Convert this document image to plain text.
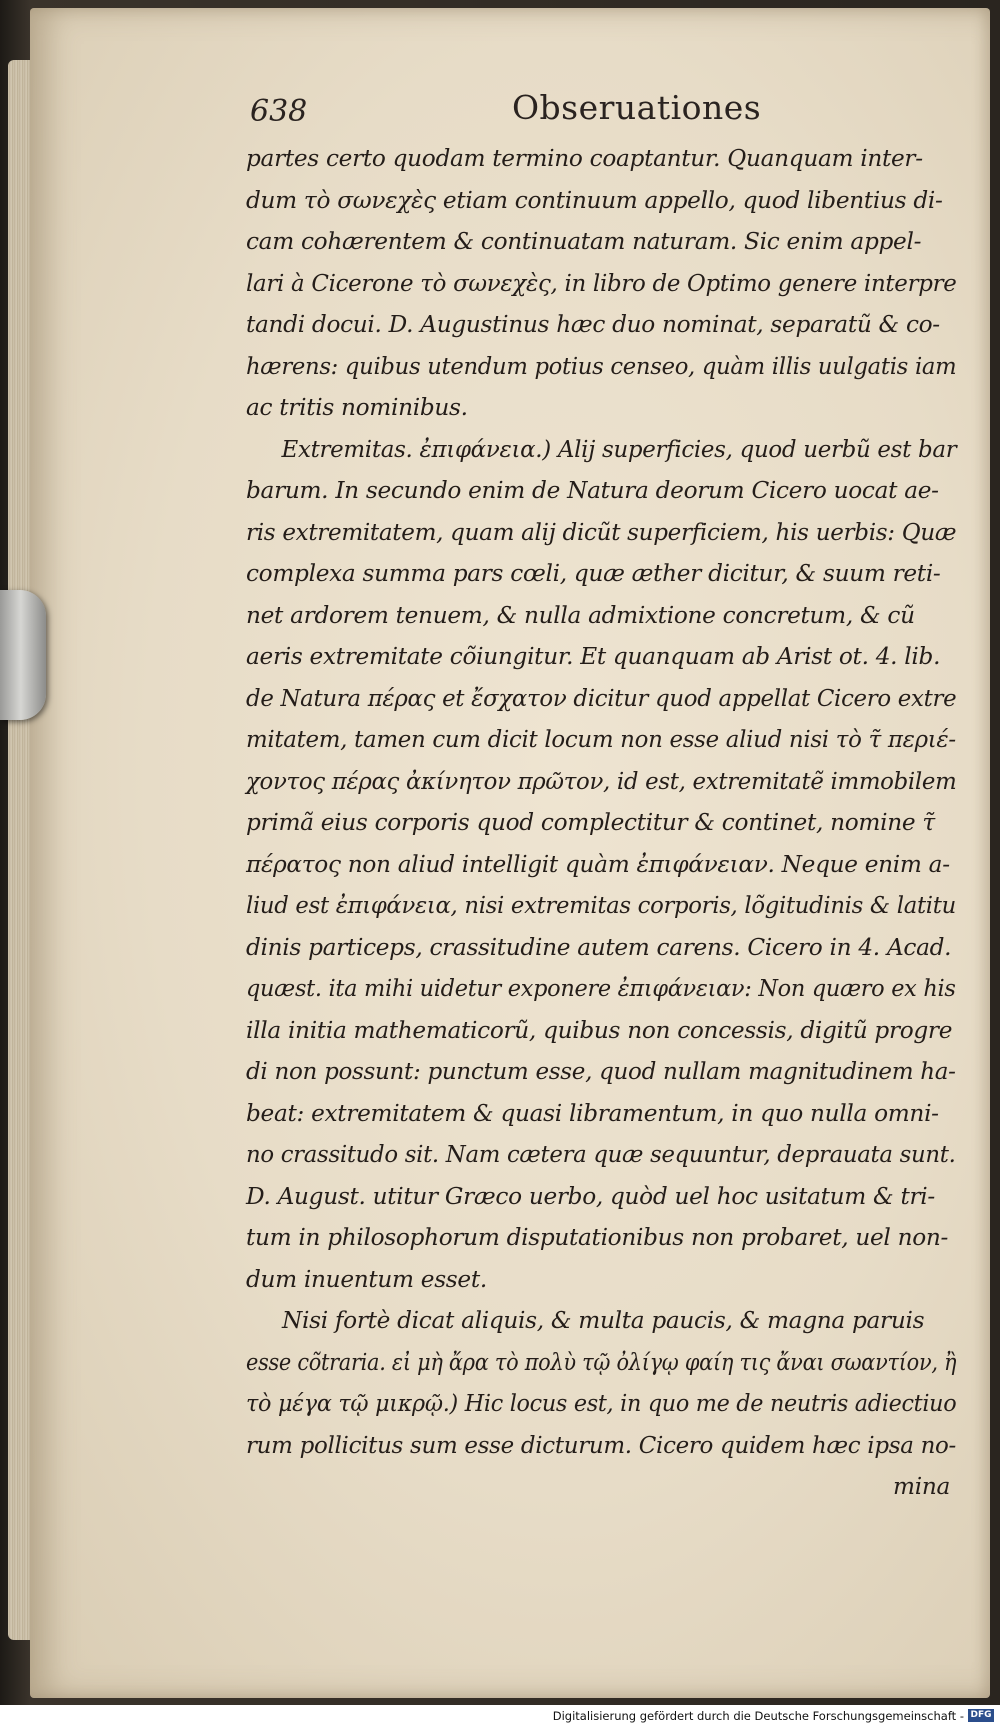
638	Obseruationes
partes certo quodam termino coaptantur. Quanquam inter-
dum τὸ σωνεχὲς etiam continuum appello, quod libentius di-
cam cohærentem & continuatam naturam. Sic enim appel-
lari à Cicerone τὸ σωνεχὲς, in libro de Optimo genere interpre
tandi docui. D. Augustinus hæc duo nominat, separatũ & co-
hærens: quibus utendum potius censeo, quàm illis uulgatis iam
ac tritis nominibus.
Extremitas. ἐπιφάνεια.) Alij superficies, quod uerbũ est bar
barum. In secundo enim de Natura deorum Cicero uocat ae-
ris extremitatem, quam alij dicũt superficiem, his uerbis: Quæ
complexa summa pars cœli, quæ æther dicitur, & suum reti-
net ardorem tenuem, & nulla admixtione concretum, & cũ
aeris extremitate cõiungitur. Et quanquam ab Arist ot. 4. lib.
de Natura πέρας et ἔσχατον dicitur quod appellat Cicero extre
mitatem, tamen cum dicit locum non esse aliud nisi τὸ τ̃ περιέ-
χοντος πέρας ἀκίνητον πρῶτον, id est, extremitatẽ immobilem
primã eius corporis quod complectitur & continet, nomine τ̃
πέρατος non aliud intelligit quàm ἐπιφάνειαν. Neque enim a-
liud est ἐπιφάνεια, nisi extremitas corporis, lõgitudinis & latitu
dinis particeps, crassitudine autem carens. Cicero in 4. Acad.
quæst. ita mihi uidetur exponere ἐπιφάνειαν: Non quæro ex his
illa initia mathematicorũ, quibus non concessis, digitũ progre
di non possunt: punctum esse, quod nullam magnitudinem ha-
beat: extremitatem & quasi libramentum, in quo nulla omni-
no crassitudo sit. Nam cætera quæ sequuntur, deprauata sunt.
D. August. utitur Græco uerbo, quòd uel hoc usitatum & tri-
tum in philosophorum disputationibus non probaret, uel non-
dum inuentum esset.
Nisi fortè dicat aliquis, & multa paucis, & magna paruis
esse cõtraria. εἰ μὴ ἄρα τὸ πολὺ τῷ ὀλίγῳ φαίη τις ἄναι σωαντίον, ἢ
τὸ μέγα τῷ μικρῷ.) Hic locus est, in quo me de neutris adiectiuo
rum pollicitus sum esse dicturum. Cicero quidem hæc ipsa no-
mina
Digitalisierung gefördert durch die Deutsche Forschungsgemeinschaft - DFG
